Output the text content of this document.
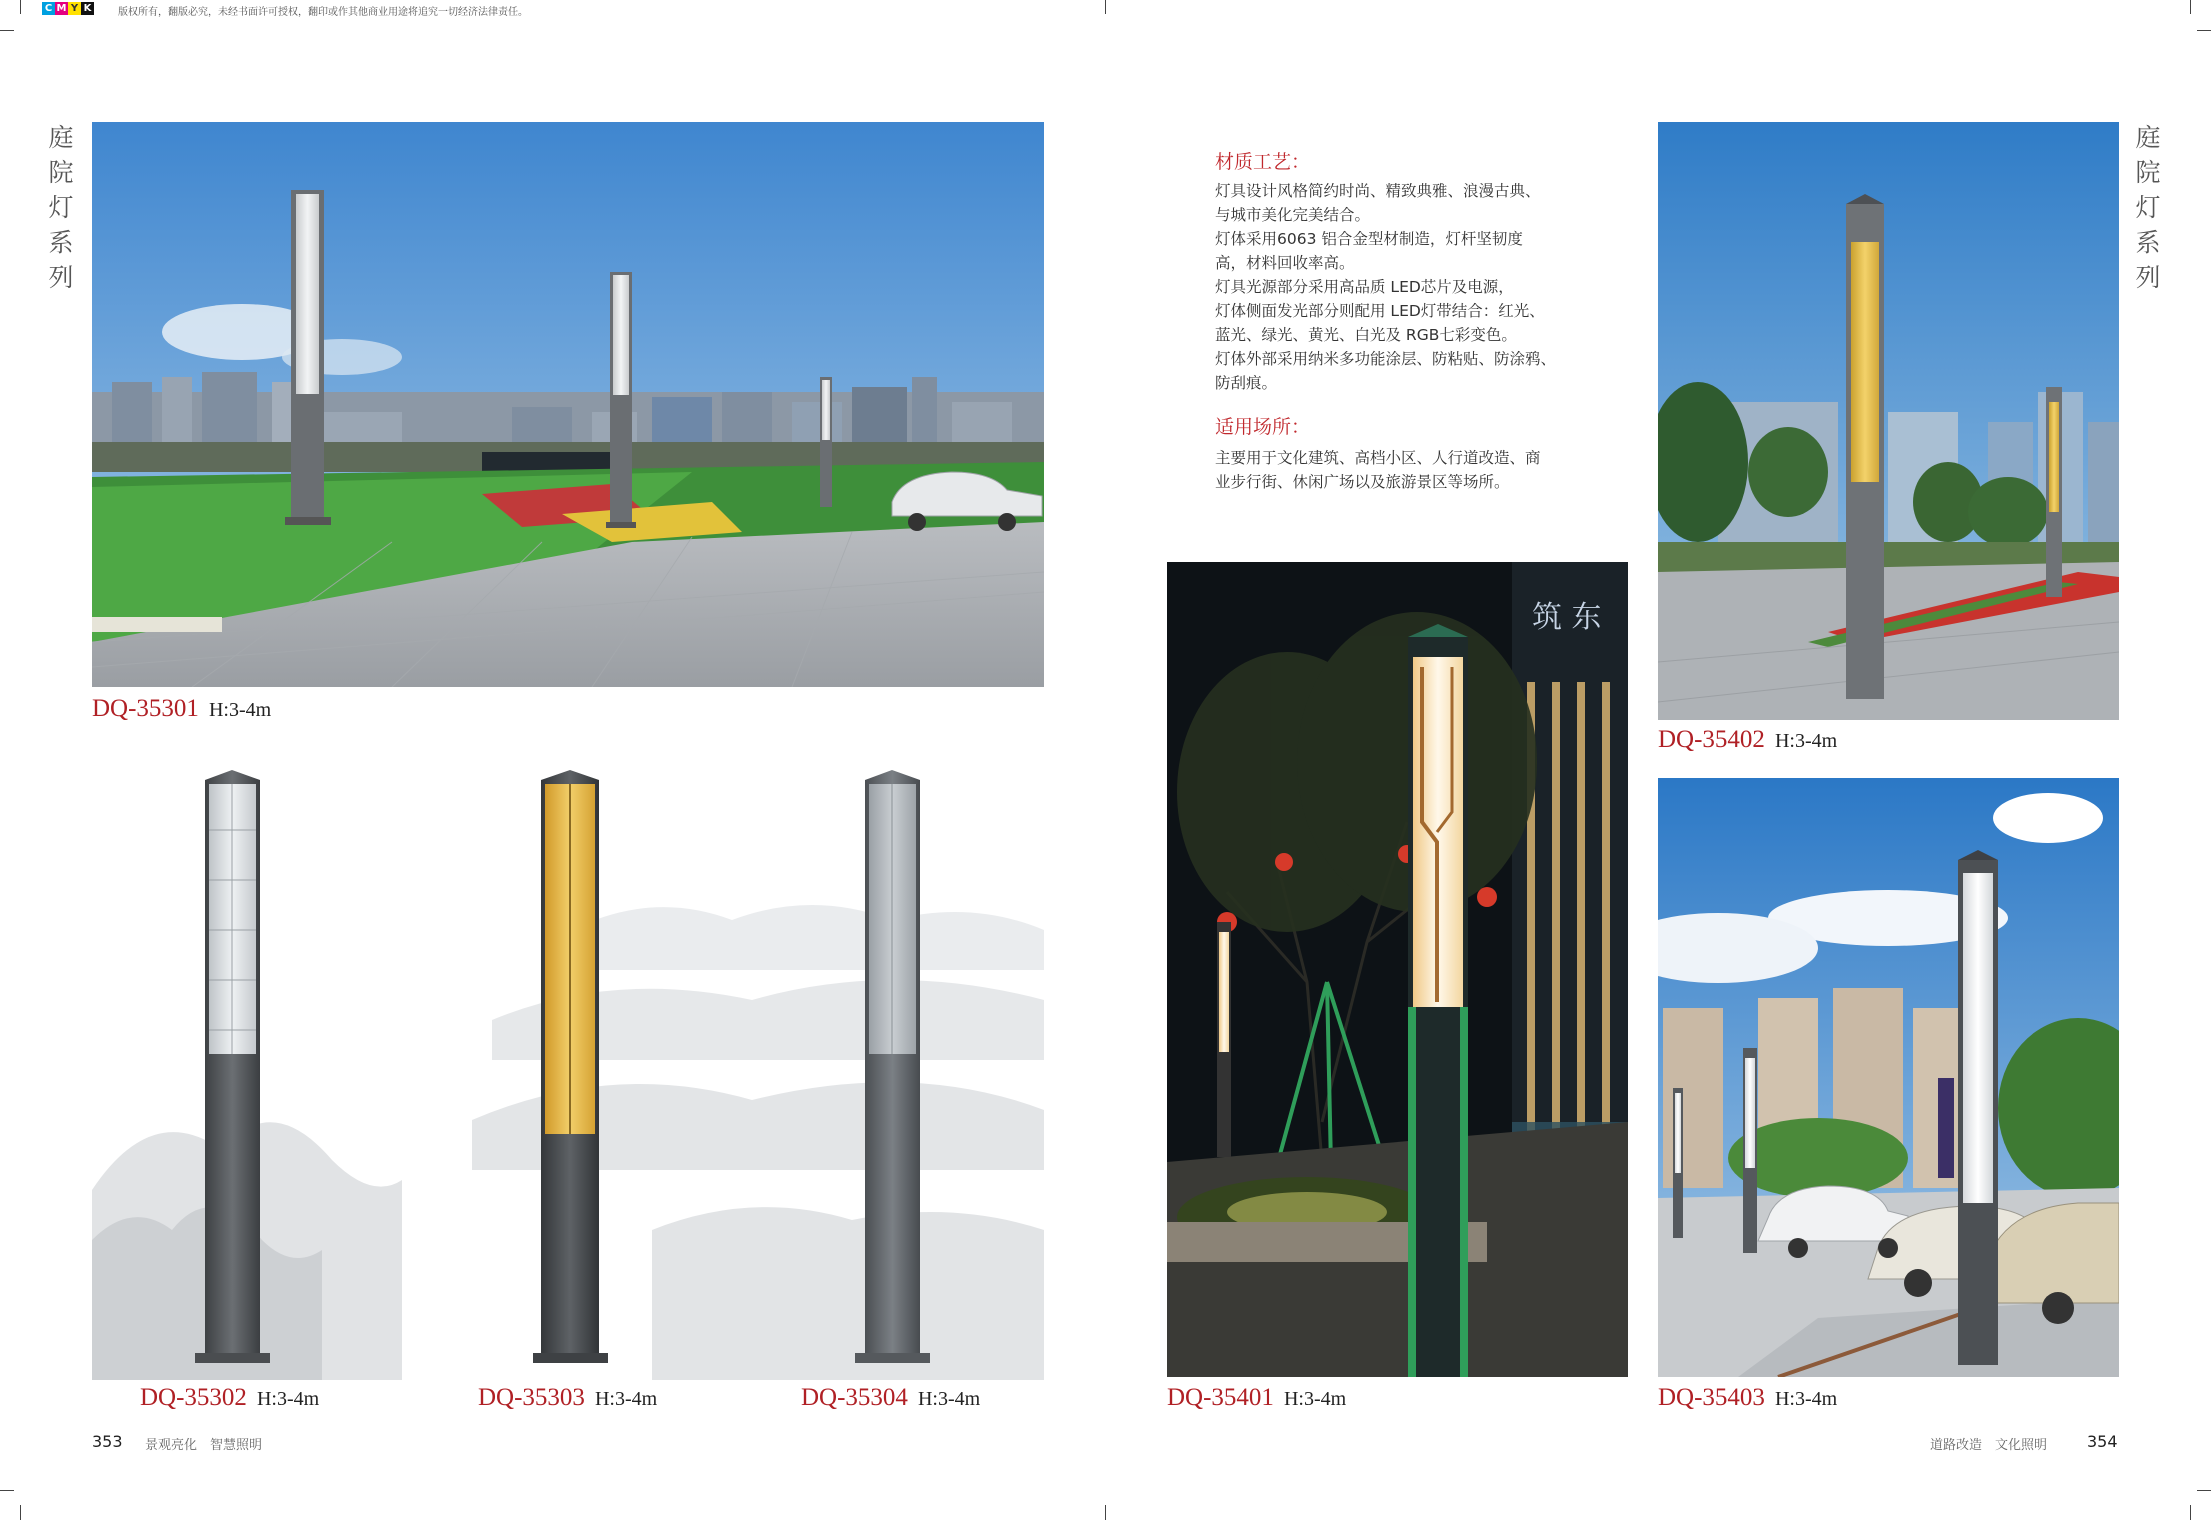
C M Y K	版权所有，翻版必究，未经书面许可授权，翻印或作其他商业用途将追究一切经济法律责任。
庭
院
灯
系
列
庭
院
灯
系
列
DQ-35301 H:3-4m
DQ-35302 H:3-4m	DQ-35303 H:3-4m	DQ-35304 H:3-4m
353 景观亮化　智慧照明
材质工艺：
灯具设计风格简约时尚、精致典雅、浪漫古典、
与城市美化完美结合。
灯体采用6063 铝合金型材制造，灯杆坚韧度
高，材料回收率高。
灯具光源部分采用高品质 LED芯片及电源，
灯体侧面发光部分则配用 LED灯带结合：红光、
蓝光、绿光、黄光、白光及 RGB七彩变色。
灯体外部采用纳米多功能涂层、防粘贴、防涂鸦、
防刮痕。
适用场所：
主要用于文化建筑、高档小区、人行道改造、商
业步行街、休闲广场以及旅游景区等场所。
筑 东
DQ-35401 H:3-4m
DQ-35402 H:3-4m
DQ-35403 H:3-4m
道路改造　文化照明 354
